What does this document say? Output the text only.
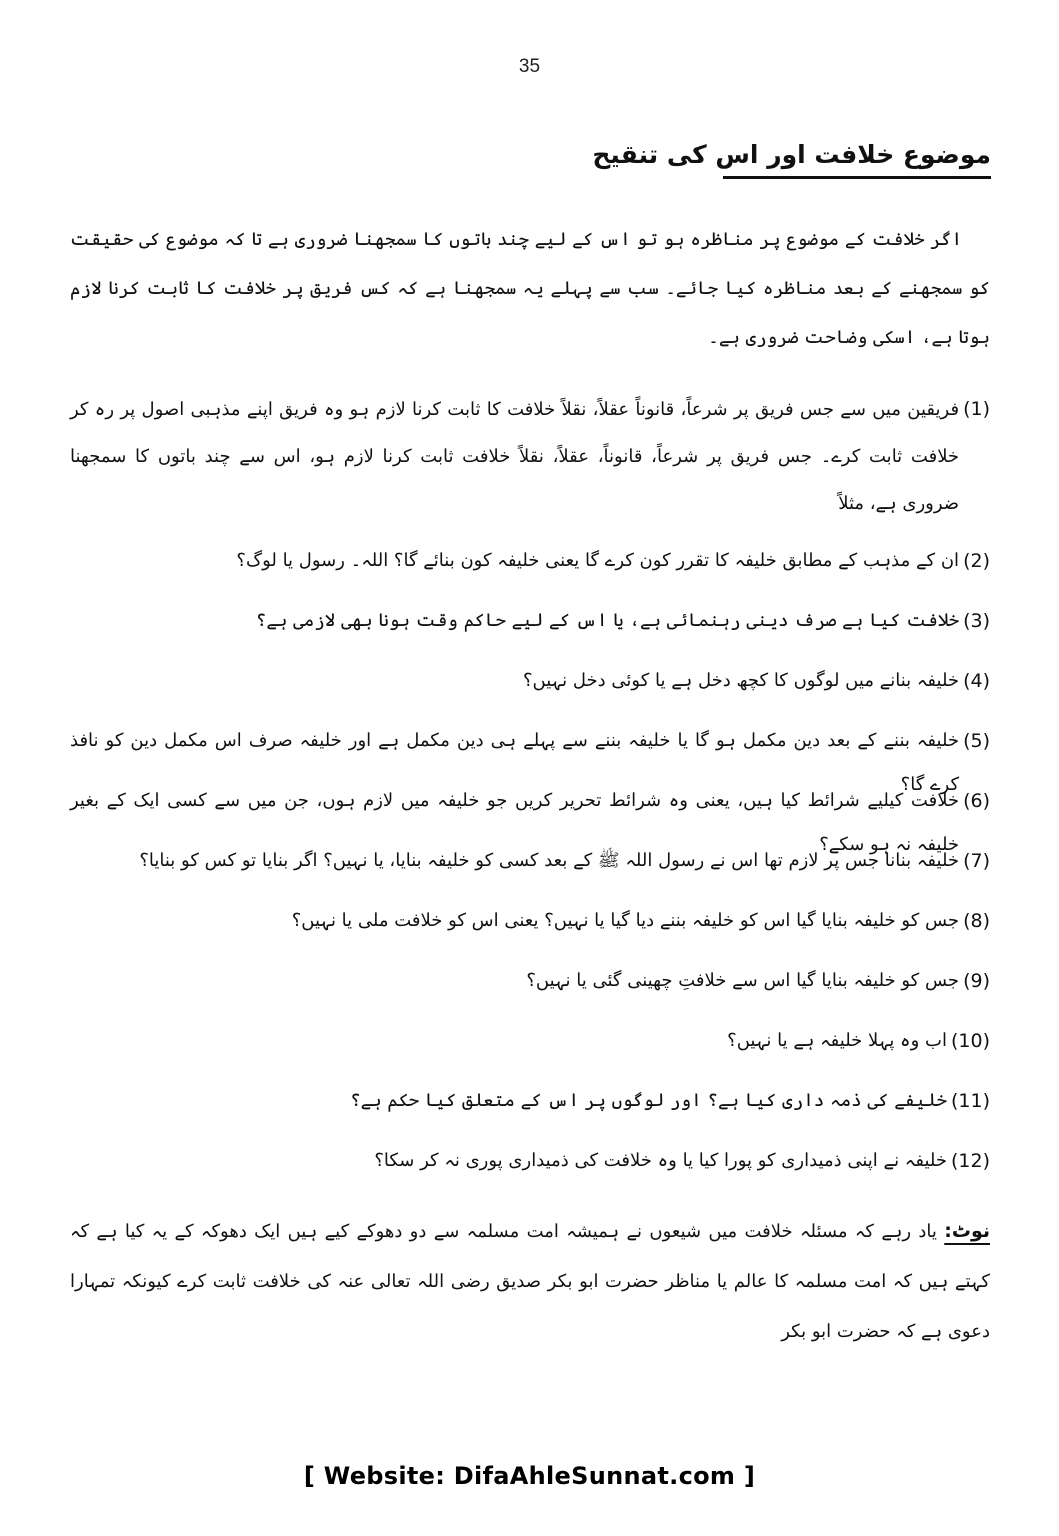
35
موضوع خلافت اور اس کی تنقیح

اگر خلافت کے موضوع پر مناظرہ ہو تو اس کے لیے چند باتوں کا سمجھنا ضروری ہے تا کہ موضوع کی حقیقت کو سمجھنے کے بعد مناظرہ کیا جائے۔ سب سے پہلے یہ سمجھنا ہے کہ کس فریق پر خلافت کا ثابت کرنا لازم ہوتا ہے، اسکی وضاحت ضروری ہے۔

(1)
فریقین میں سے جس فریق پر شرعاً، قانوناً عقلاً، نقلاً خلافت کا ثابت کرنا لازم ہو وہ فریق اپنے مذہبی اصول پر رہ کر خلافت ثابت کرے۔ جس فریق پر شرعاً، قانوناً، عقلاً، نقلاً خلافت ثابت کرنا لازم ہو، اس سے چند باتوں کا سمجھنا ضروری ہے، مثلاً
(2)
ان کے مذہب کے مطابق خلیفہ کا تقرر کون کرے گا یعنی خلیفہ کون بنائے گا؟ اللہ۔ رسول یا لوگ؟
(3)
خلافت کیا ہے صرف دینی رہنمائی ہے، یا اس کے لیے حاکم وقت ہونا بھی لازمی ہے؟
(4)
خلیفہ بنانے میں لوگوں کا کچھ دخل ہے یا کوئی دخل نہیں؟
(5)
خلیفہ بننے کے بعد دین مکمل ہو گا یا خلیفہ بننے سے پہلے ہی دین مکمل ہے اور خلیفہ صرف اس مکمل دین کو نافذ کرے گا؟
(6)
خلافت کیلیے شرائط کیا ہیں، یعنی وہ شرائط تحریر کریں جو خلیفہ میں لازم ہوں، جن میں سے کسی ایک کے بغیر خلیفہ نہ ہو سکے؟
(7)
خلیفہ بنانا جس پر لازم تھا اس نے رسول اللہ ﷺ کے بعد کسی کو خلیفہ بنایا، یا نہیں؟ اگر بنایا تو کس کو بنایا؟
(8)
جس کو خلیفہ بنایا گیا اس کو خلیفہ بننے دیا گیا یا نہیں؟ یعنی اس کو خلافت ملی یا نہیں؟
(9)
جس کو خلیفہ بنایا گیا اس سے خلافتِ چھینی گئی یا نہیں؟
(10)
اب وہ پہلا خلیفہ ہے یا نہیں؟
(11)
خلیفے کی ذمہ داری کیا ہے؟ اور لوگوں پر اس کے متعلق کیا حکم ہے؟
(12)
خلیفہ نے اپنی ذمیداری کو پورا کیا یا وہ خلافت کی ذمیداری پوری نہ کر سکا؟

نوٹ: یاد رہے کہ مسئلہ خلافت میں شیعوں نے ہمیشہ امت مسلمہ سے دو دھوکے کیے ہیں ایک دھوکہ کے یہ کیا ہے کہ کہتے ہیں کہ امت مسلمہ کا عالم یا مناظر حضرت ابو بکر صدیق رضی اللہ تعالی عنہ کی خلافت ثابت کرے کیونکہ تمہارا دعوی ہے کہ حضرت ابو بکر

[ Website: DifaAhleSunnat.com ]
